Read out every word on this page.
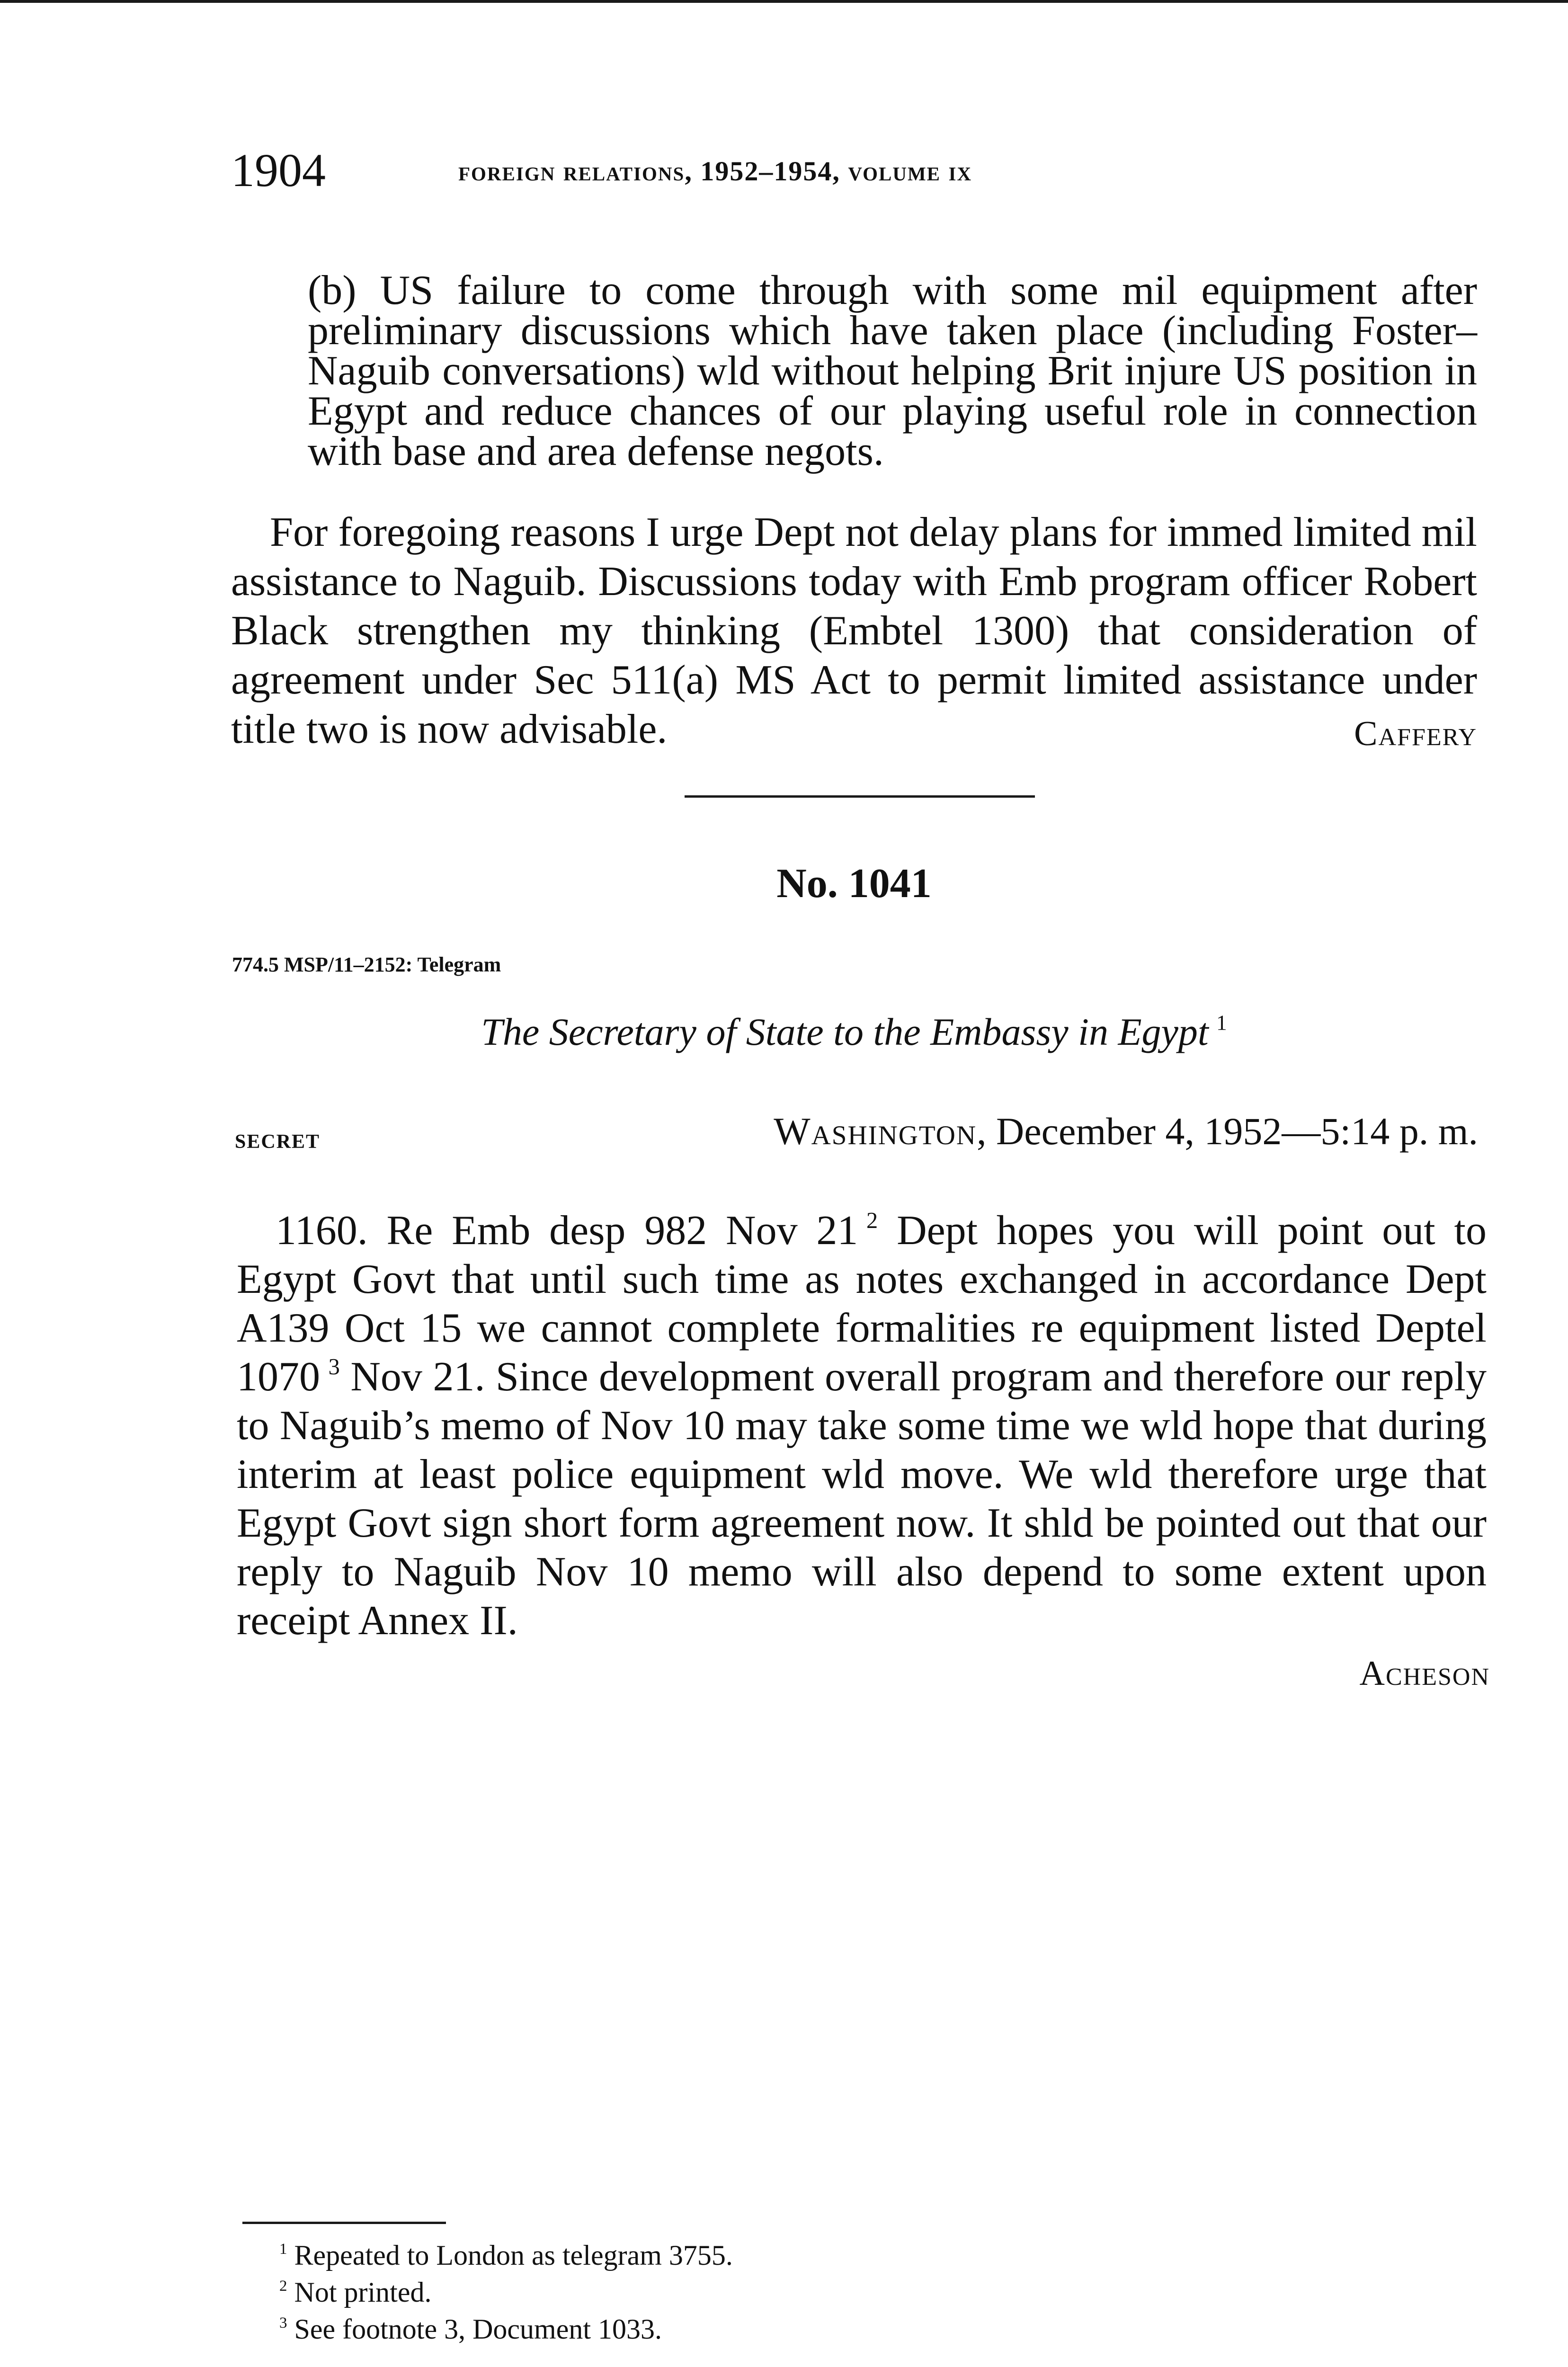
1904	foreign relations, 1952–1954, volume ix

(b) US failure to come through with some mil equipment after preliminary discussions which have taken place (including Foster–Naguib conversations) wld without helping Brit injure US position in Egypt and reduce chances of our playing useful role in connection with base and area defense negots.

For foregoing reasons I urge Dept not delay plans for immed limited mil assistance to Naguib. Discussions today with Emb program officer Robert Black strengthen my thinking (Embtel 1300) that consideration of agreement under Sec 511(a) MS Act to permit limited assistance under title two is now advisable.	Caffery
No. 1041
774.5 MSP/11–2152: Telegram
The Secretary of State to the Embassy in Egypt  $^1$
secret	Washington, December 4, 1952—5:14 p. m.

1160. Re Emb desp 982 Nov 21  $^2$ Dept hopes you will point out to Egypt Govt that until such time as notes exchanged in accordance Dept A139 Oct 15 we cannot complete formalities re equipment listed Deptel 1070  $^3$ Nov 21. Since development overall program and therefore our reply to Naguib’s memo of Nov 10 may take some time we wld hope that during interim at least police equipment wld move. We wld therefore urge that Egypt Govt sign short form agreement now. It shld be pointed out that our reply to Naguib Nov 10 memo will also depend to some extent upon receipt Annex II.

Acheson
$^1$ Repeated to London as telegram 3755.
$^2$ Not printed.
$^3$ See footnote 3, Document 1033.
